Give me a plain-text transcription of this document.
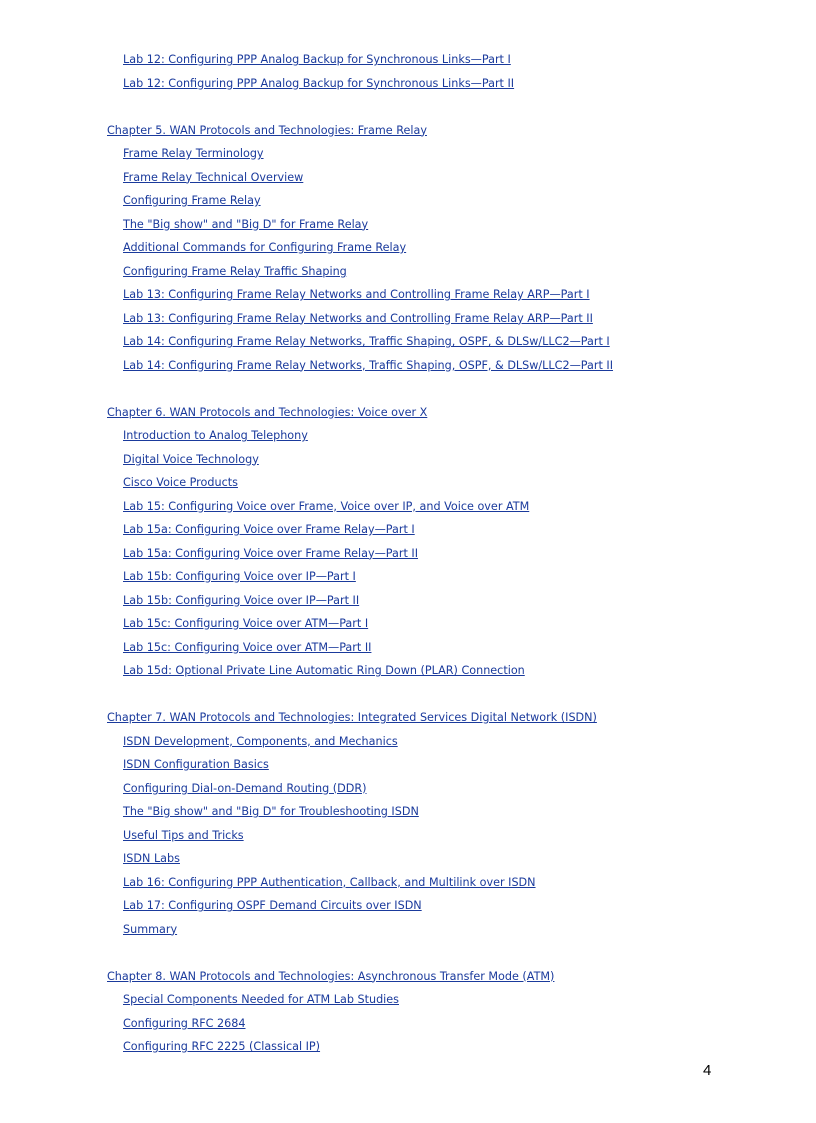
Lab 12: Configuring PPP Analog Backup for Synchronous Links—Part I
Lab 12: Configuring PPP Analog Backup for Synchronous Links—Part II
Chapter 5. WAN Protocols and Technologies: Frame Relay
Frame Relay Terminology
Frame Relay Technical Overview
Configuring Frame Relay
The "Big show" and "Big D" for Frame Relay
Additional Commands for Configuring Frame Relay
Configuring Frame Relay Traffic Shaping
Lab 13: Configuring Frame Relay Networks and Controlling Frame Relay ARP—Part I
Lab 13: Configuring Frame Relay Networks and Controlling Frame Relay ARP—Part II
Lab 14: Configuring Frame Relay Networks, Traffic Shaping, OSPF, & DLSw/LLC2—Part I
Lab 14: Configuring Frame Relay Networks, Traffic Shaping, OSPF, & DLSw/LLC2—Part II
Chapter 6. WAN Protocols and Technologies: Voice over X
Introduction to Analog Telephony
Digital Voice Technology
Cisco Voice Products
Lab 15: Configuring Voice over Frame, Voice over IP, and Voice over ATM
Lab 15a: Configuring Voice over Frame Relay—Part I
Lab 15a: Configuring Voice over Frame Relay—Part II
Lab 15b: Configuring Voice over IP—Part I
Lab 15b: Configuring Voice over IP—Part II
Lab 15c: Configuring Voice over ATM—Part I
Lab 15c: Configuring Voice over ATM—Part II
Lab 15d: Optional Private Line Automatic Ring Down (PLAR) Connection
Chapter 7. WAN Protocols and Technologies: Integrated Services Digital Network (ISDN)
ISDN Development, Components, and Mechanics
ISDN Configuration Basics
Configuring Dial-on-Demand Routing (DDR)
The "Big show" and "Big D" for Troubleshooting ISDN
Useful Tips and Tricks
ISDN Labs
Lab 16: Configuring PPP Authentication, Callback, and Multilink over ISDN
Lab 17: Configuring OSPF Demand Circuits over ISDN
Summary
Chapter 8. WAN Protocols and Technologies: Asynchronous Transfer Mode (ATM)
Special Components Needed for ATM Lab Studies
Configuring RFC 2684
Configuring RFC 2225 (Classical IP)
4
